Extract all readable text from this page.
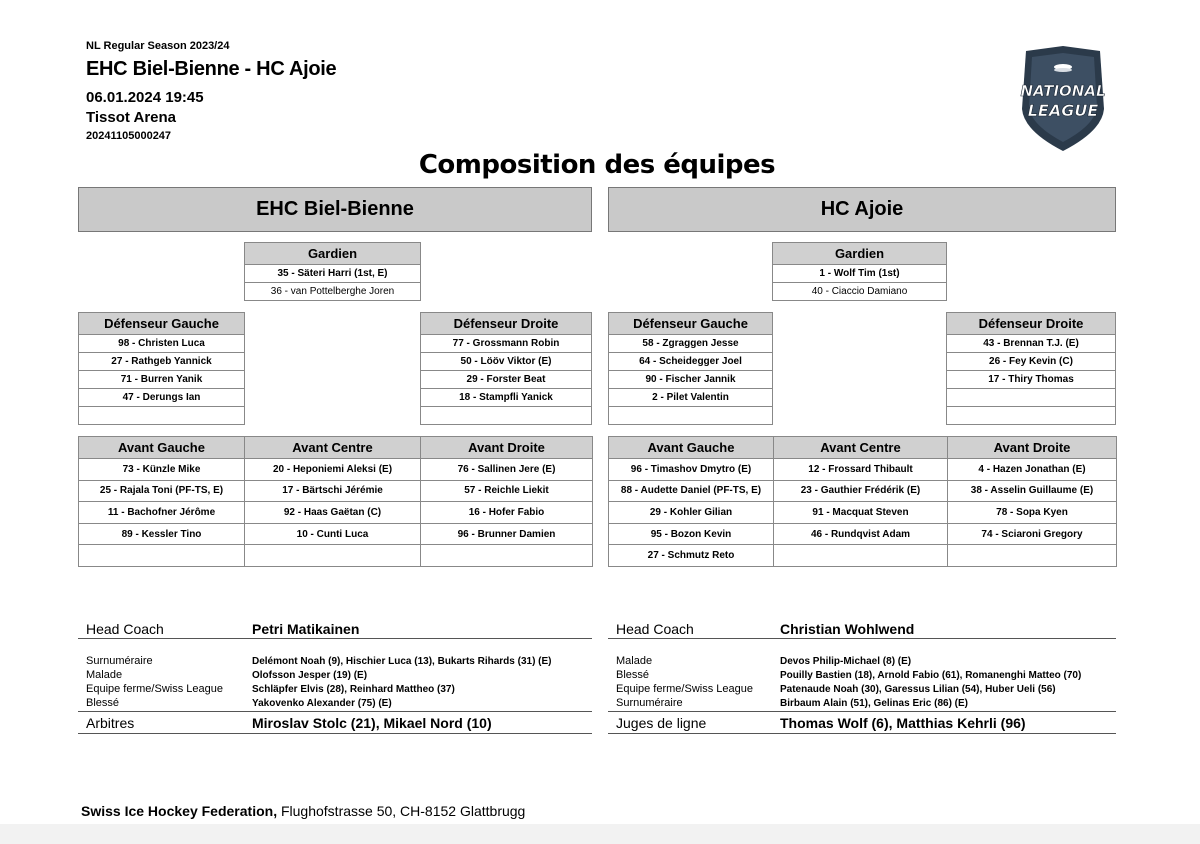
NL Regular Season 2023/24
EHC Biel-Bienne - HC Ajoie
06.01.2024 19:45
Tissot Arena
20241105000247
NATIONAL
LEAGUE
Composition des équipes
EHC Biel-Bienne	HC Ajoie
Gardien
35 - Säteri Harri (1st, E)
36 - van Pottelberghe Joren
Gardien
1 - Wolf Tim (1st)
40 - Ciaccio Damiano
Défenseur Gauche
98 - Christen Luca
27 - Rathgeb Yannick
71 - Burren Yanik
47 - Derungs Ian

Défenseur Droite
77 - Grossmann Robin
50 - Lööv Viktor (E)
29 - Forster Beat
18 - Stampfli Yanick

Défenseur Gauche
58 - Zgraggen Jesse
64 - Scheidegger Joel
90 - Fischer Jannik
2 - Pilet Valentin

Défenseur Droite
43 - Brennan T.J. (E)
26 - Fey Kevin (C)
17 - Thiry Thomas

Avant Gauche	Avant Centre	Avant Droite
73 - Künzle Mike	20 - Heponiemi Aleksi (E)	76 - Sallinen Jere (E)
25 - Rajala Toni (PF-TS, E)	17 - Bärtschi Jérémie	57 - Reichle Liekit
11 - Bachofner Jérôme	92 - Haas Gaëtan (C)	16 - Hofer Fabio
89 - Kessler Tino	10 - Cunti Luca	96 - Brunner Damien

Avant Gauche	Avant Centre	Avant Droite
96 - Timashov Dmytro (E)	12 - Frossard Thibault	4 - Hazen Jonathan (E)
88 - Audette Daniel (PF-TS, E)	23 - Gauthier Frédérik (E)	38 - Asselin Guillaume (E)
29 - Kohler Gilian	91 - Macquat Steven	78 - Sopa Kyen
95 - Bozon Kevin	46 - Rundqvist Adam	74 - Sciaroni Gregory
27 - Schmutz Reto		
Head Coach	Petri Matikainen
Surnuméraire	Delémont Noah (9), Hischier Luca (13), Bukarts Rihards (31) (E)
Malade	Olofsson Jesper (19) (E)
Equipe ferme/Swiss League	Schläpfer Elvis (28), Reinhard Mattheo (37)
Blessé	Yakovenko Alexander (75) (E)
Arbitres	Miroslav Stolc (21), Mikael Nord (10)
Head Coach	Christian Wohlwend
Malade	Devos Philip-Michael (8) (E)
Blessé	Pouilly Bastien (18), Arnold Fabio (61), Romanenghi Matteo (70)
Equipe ferme/Swiss League	Patenaude Noah (30), Garessus Lilian (54), Huber Ueli (56)
Surnuméraire	Birbaum Alain (51), Gelinas Eric (86) (E)
Juges de ligne	Thomas Wolf (6), Matthias Kehrli (96)
Swiss Ice Hockey Federation, Flughofstrasse 50, CH-8152 Glattbrugg
